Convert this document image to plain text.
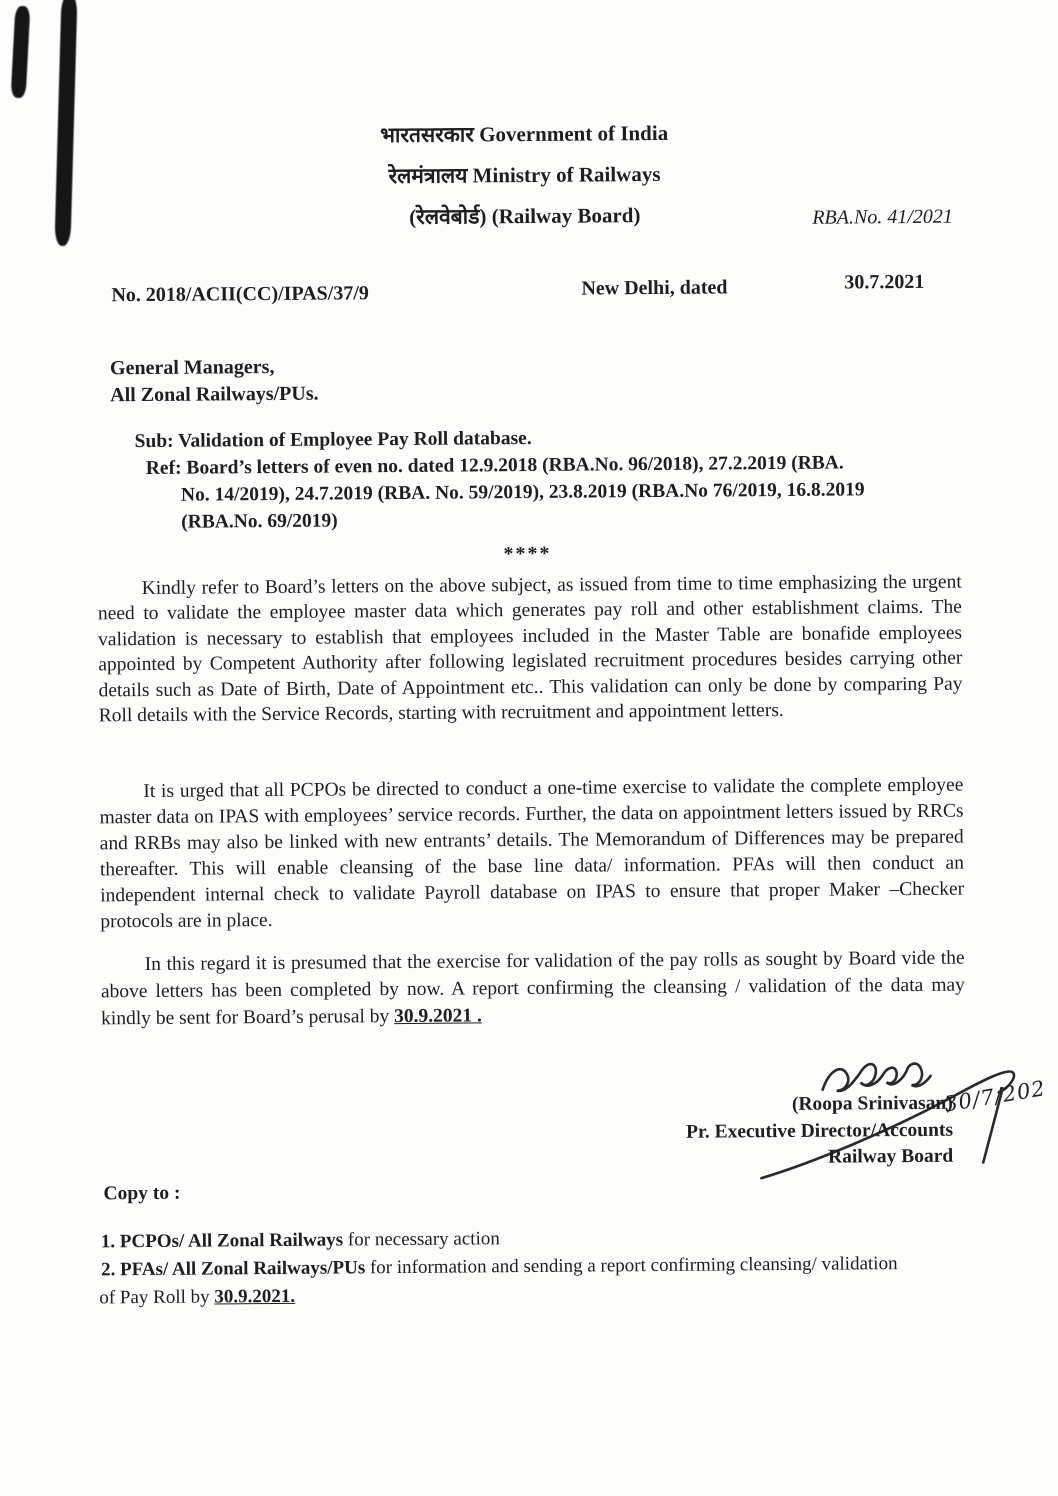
भारतसरकार Government of India
रेलमंत्रालय Ministry of Railways
(रेलवेबोर्ड) (Railway Board)	RBA.No. 41/2021
No. 2018/ACII(CC)/IPAS/37/9	New Delhi, dated	30.7.2021
General Managers,
All Zonal Railways/PUs.
Sub: Validation of Employee Pay Roll database.
Ref: Board’s letters of even no. dated 12.9.2018 (RBA.No. 96/2018), 27.2.2019 (RBA.
No. 14/2019), 24.7.2019 (RBA. No. 59/2019), 23.8.2019 (RBA.No 76/2019, 16.8.2019
(RBA.No. 69/2019)
****
Kindly refer to Board’s letters on the above subject, as issued from time to time emphasizing the urgent need to validate the employee master data which generates pay roll and other establishment claims. The validation is necessary to establish that employees included in the Master Table are bonafide employees appointed by Competent Authority after following legislated recruitment procedures besides carrying other details such as Date of Birth, Date of Appointment etc.. This validation can only be done by comparing Pay Roll details with the Service Records, starting with recruitment and appointment letters.
It is urged that all PCPOs be directed to conduct a one-time exercise to validate the complete employee master data on IPAS with employees’ service records. Further, the data on appointment letters issued by RRCs and RRBs may also be linked with new entrants’ details. The Memorandum of Differences may be prepared thereafter. This will enable cleansing of the base line data/ information. PFAs will then conduct an independent internal check to validate Payroll database on IPAS to ensure that proper Maker –Checker protocols are in place.
In this regard it is presumed that the exercise for validation of the pay rolls as sought by Board vide the above letters has been completed by now. A report confirming the cleansing / validation of the data may kindly be sent for Board’s perusal by 30.9.2021 .
30/7/202
(Roopa Srinivasan)
Pr. Executive Director/Accounts
Railway Board
Copy to :
1. PCPOs/ All Zonal Railways for necessary action
2. PFAs/ All Zonal Railways/PUs for information and sending a report confirming cleansing/ validation
of Pay Roll by 30.9.2021.
